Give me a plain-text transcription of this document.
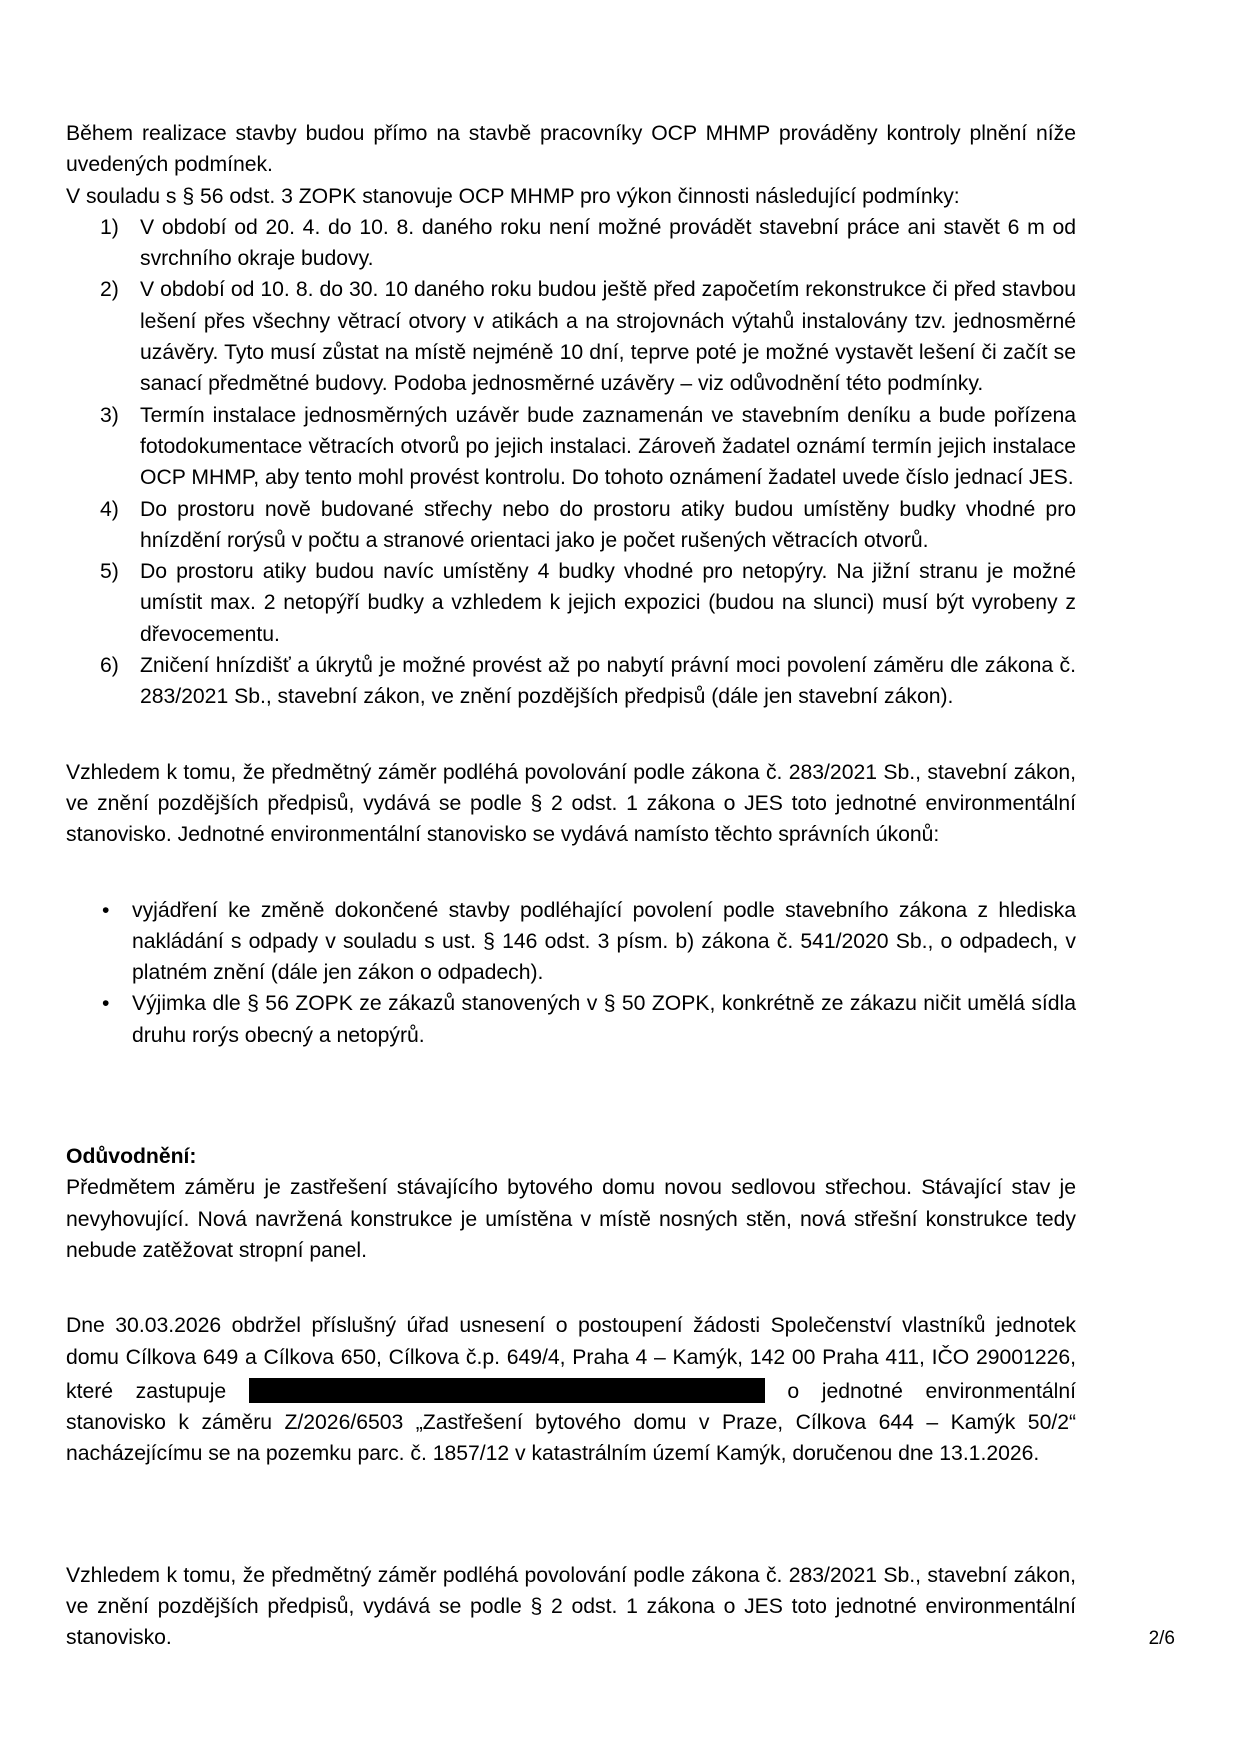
Během realizace stavby budou přímo na stavbě pracovníky OCP MHMP prováděny kontroly plnění níže uvedených podmínek.

V souladu s § 56 odst. 3 ZOPK stanovuje OCP MHMP pro výkon činnosti následující podmínky:

1) V období od 20. 4. do 10. 8. daného roku není možné provádět stavební práce ani stavět 6 m od svrchního okraje budovy.
2) V období od 10. 8. do 30. 10 daného roku budou ještě před započetím rekonstrukce či před stavbou lešení přes všechny větrací otvory v atikách a na strojovnách výtahů instalovány tzv. jednosměrné uzávěry. Tyto musí zůstat na místě nejméně 10 dní, teprve poté je možné vystavět lešení či začít se sanací předmětné budovy. Podoba jednosměrné uzávěry – viz odůvodnění této podmínky.
3) Termín instalace jednosměrných uzávěr bude zaznamenán ve stavebním deníku a bude pořízena fotodokumentace větracích otvorů po jejich instalaci. Zároveň žadatel oznámí termín jejich instalace OCP MHMP, aby tento mohl provést kontrolu. Do tohoto oznámení žadatel uvede číslo jednací JES.
4) Do prostoru nově budované střechy nebo do prostoru atiky budou umístěny budky vhodné pro hnízdění rorýsů v počtu a stranové orientaci jako je počet rušených větracích otvorů.
5) Do prostoru atiky budou navíc umístěny 4 budky vhodné pro netopýry. Na jižní stranu je možné umístit max. 2 netopýří budky a vzhledem k jejich expozici (budou na slunci) musí být vyrobeny z dřevocementu.
6) Zničení hnízdišť a úkrytů je možné provést až po nabytí právní moci povolení záměru dle zákona č. 283/2021 Sb., stavební zákon, ve znění pozdějších předpisů (dále jen stavební zákon).

Vzhledem k tomu, že předmětný záměr podléhá povolování podle zákona č. 283/2021 Sb., stavební zákon, ve znění pozdějších předpisů, vydává se podle § 2 odst. 1 zákona o JES toto jednotné environmentální stanovisko. Jednotné environmentální stanovisko se vydává namísto těchto správních úkonů:

• vyjádření ke změně dokončené stavby podléhající povolení podle stavebního zákona z hlediska nakládání s odpady v souladu s ust. § 146 odst. 3 písm. b) zákona č. 541/2020 Sb., o odpadech, v platném znění (dále jen zákon o odpadech).
• Výjimka dle § 56 ZOPK ze zákazů stanovených v § 50 ZOPK, konkrétně ze zákazu ničit umělá sídla druhu rorýs obecný a netopýrů.

Odůvodnění:

Předmětem záměru je zastřešení stávajícího bytového domu novou sedlovou střechou. Stávající stav je nevyhovující. Nová navržená konstrukce je umístěna v místě nosných stěn, nová střešní konstrukce tedy nebude zatěžovat stropní panel.

Dne 30.03.2026 obdržel příslušný úřad usnesení o postoupení žádosti Společenství vlastníků jednotek domu Cílkova 649 a Cílkova 650, Cílkova č.p. 649/4, Praha 4 – Kamýk, 142 00 Praha 411, IČO 29001226, které zastupuje	o jednotné environmentální stanovisko k záměru Z/2026/6503 „Zastřešení bytového domu v Praze, Cílkova 644 – Kamýk 50/2“ nacházejícímu se na pozemku parc. č. 1857/12 v katastrálním území Kamýk, doručenou dne 13.1.2026.

Vzhledem k tomu, že předmětný záměr podléhá povolování podle zákona č. 283/2021 Sb., stavební zákon, ve znění pozdějších předpisů, vydává se podle § 2 odst. 1 zákona o JES toto jednotné environmentální stanovisko.	2/6
